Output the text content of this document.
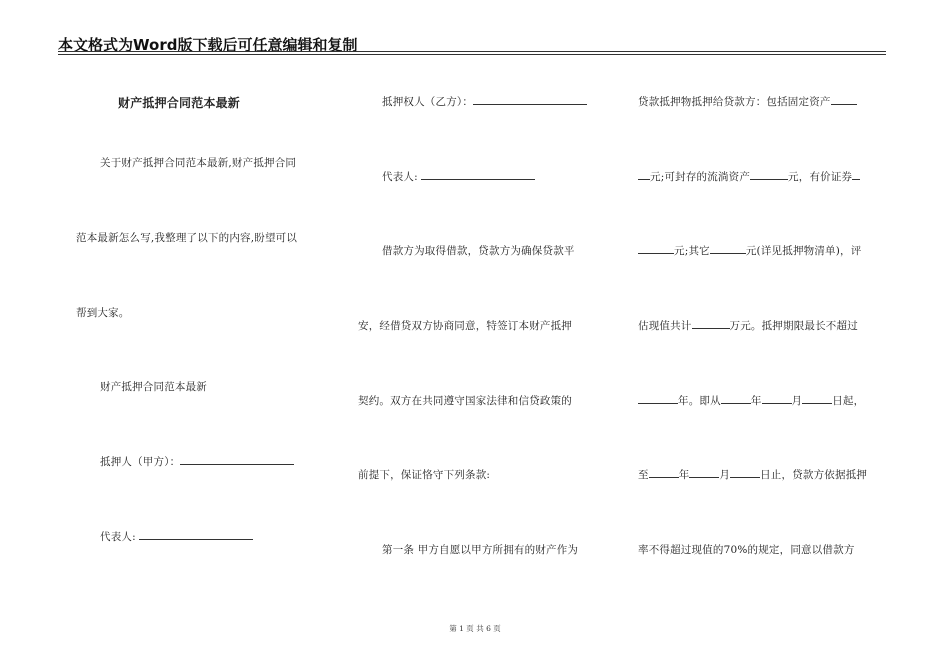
本文格式为Word版下载后可任意编辑和复制
财产抵押合同范本最新
关于财产抵押合同范本最新,财产抵押合同
范本最新怎么写,我整理了以下的内容,盼望可以
帮到大家。
财产抵押合同范本最新
抵押人（甲方）：
代表人:
抵押权人（乙方）：
代表人:
借款方为取得借款，贷款方为确保贷款平
安，经借贷双方协商同意，特签订本财产抵押
契约。双方在共同遵守国家法律和信贷政策的
前提下，保证恪守下列条款:
第一条 甲方自愿以甲方所拥有的财产作为
贷款抵押物抵押给贷款方：包括固定资产
元;可封存的流淌资产	元，有价证券
元;其它	元(详见抵押物清单)，评
估现值共计	万元。抵押期限最长不超过
年。即从	年	月	日起，
至	年	月	日止，贷款方依据抵押
率不得超过现值的70%的规定，同意以借款方
第 1 页 共 6 页
